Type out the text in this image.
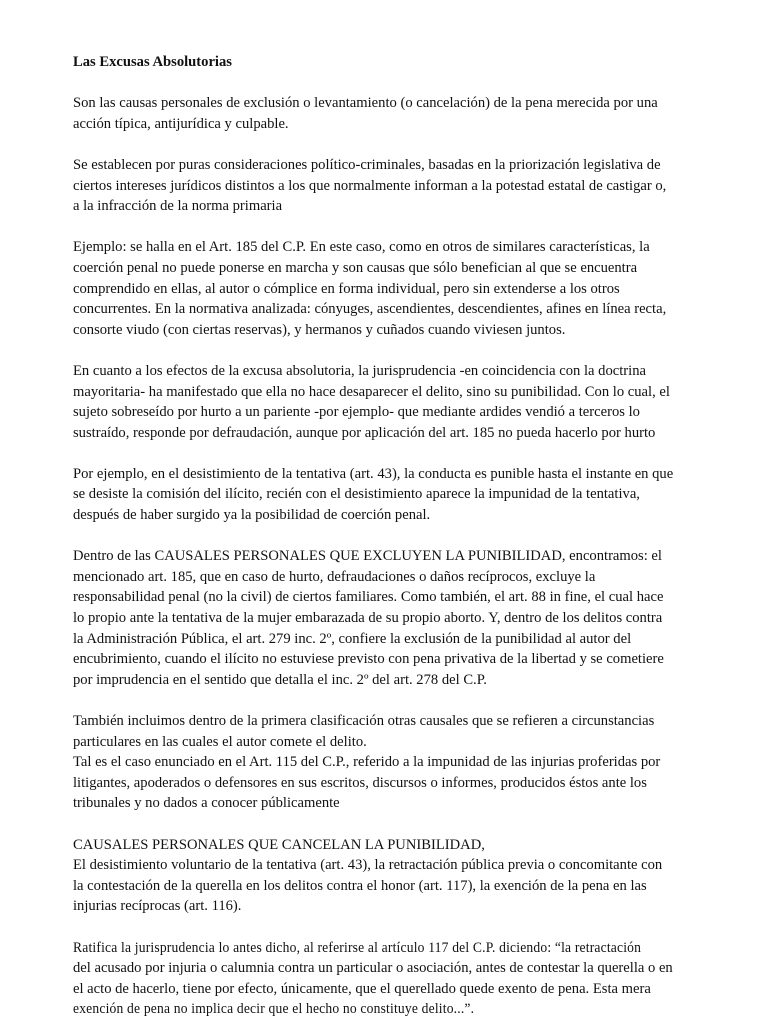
Las Excusas Absolutorias

Son las causas personales de exclusión o levantamiento (o cancelación) de la pena merecida por una
acción típica, antijurídica y culpable.

Se establecen por puras consideraciones político-criminales, basadas en la priorización legislativa de
ciertos intereses jurídicos distintos a los que normalmente informan a la potestad estatal de castigar o,
a la infracción de la norma primaria

Ejemplo: se halla en el Art. 185 del C.P. En este caso, como en otros de similares características, la
coerción penal no puede ponerse en marcha y son causas que sólo benefician al que se encuentra
comprendido en ellas, al autor o cómplice en forma individual, pero sin extenderse a los otros
concurrentes. En la normativa analizada: cónyuges, ascendientes, descendientes, afines en línea recta,
consorte viudo (con ciertas reservas), y hermanos y cuñados cuando viviesen juntos.

En cuanto a los efectos de la excusa absolutoria, la jurisprudencia -en coincidencia con la doctrina
mayoritaria- ha manifestado que ella no hace desaparecer el delito, sino su punibilidad. Con lo cual, el
sujeto sobreseído por hurto a un pariente -por ejemplo- que mediante ardides vendió a terceros lo
sustraído, responde por defraudación, aunque por aplicación del art. 185 no pueda hacerlo por hurto

Por ejemplo, en el desistimiento de la tentativa (art. 43), la conducta es punible hasta el instante en que
se desiste la comisión del ilícito, recién con el desistimiento aparece la impunidad de la tentativa,
después de haber surgido ya la posibilidad de coerción penal.

Dentro de las CAUSALES PERSONALES QUE EXCLUYEN LA PUNIBILIDAD, encontramos: el
mencionado art. 185, que en caso de hurto, defraudaciones o daños recíprocos, excluye la
responsabilidad penal (no la civil) de ciertos familiares. Como también, el art. 88 in fine, el cual hace
lo propio ante la tentativa de la mujer embarazada de su propio aborto. Y, dentro de los delitos contra
la Administración Pública, el art. 279 inc. 2º, confiere la exclusión de la punibilidad al autor del
encubrimiento, cuando el ilícito no estuviese previsto con pena privativa de la libertad y se cometiere
por imprudencia en el sentido que detalla el inc. 2º del art. 278 del C.P.

También incluimos dentro de la primera clasificación otras causales que se refieren a circunstancias
particulares en las cuales el autor comete el delito.
Tal es el caso enunciado en el Art. 115 del C.P., referido a la impunidad de las injurias proferidas por
litigantes, apoderados o defensores en sus escritos, discursos o informes, producidos éstos ante los
tribunales y no dados a conocer públicamente

CAUSALES PERSONALES QUE CANCELAN LA PUNIBILIDAD,
El desistimiento voluntario de la tentativa (art. 43), la retractación pública previa o concomitante con
la contestación de la querella en los delitos contra el honor (art. 117), la exención de la pena en las
injurias recíprocas (art. 116).

Ratifica la jurisprudencia lo antes dicho, al referirse al artículo 117 del C.P. diciendo: “la retractación
del acusado por injuria o calumnia contra un particular o asociación, antes de contestar la querella o en
el acto de hacerlo, tiene por efecto, únicamente, que el querellado quede exento de pena. Esta mera
exención de pena no implica decir que el hecho no constituye delito...”.
